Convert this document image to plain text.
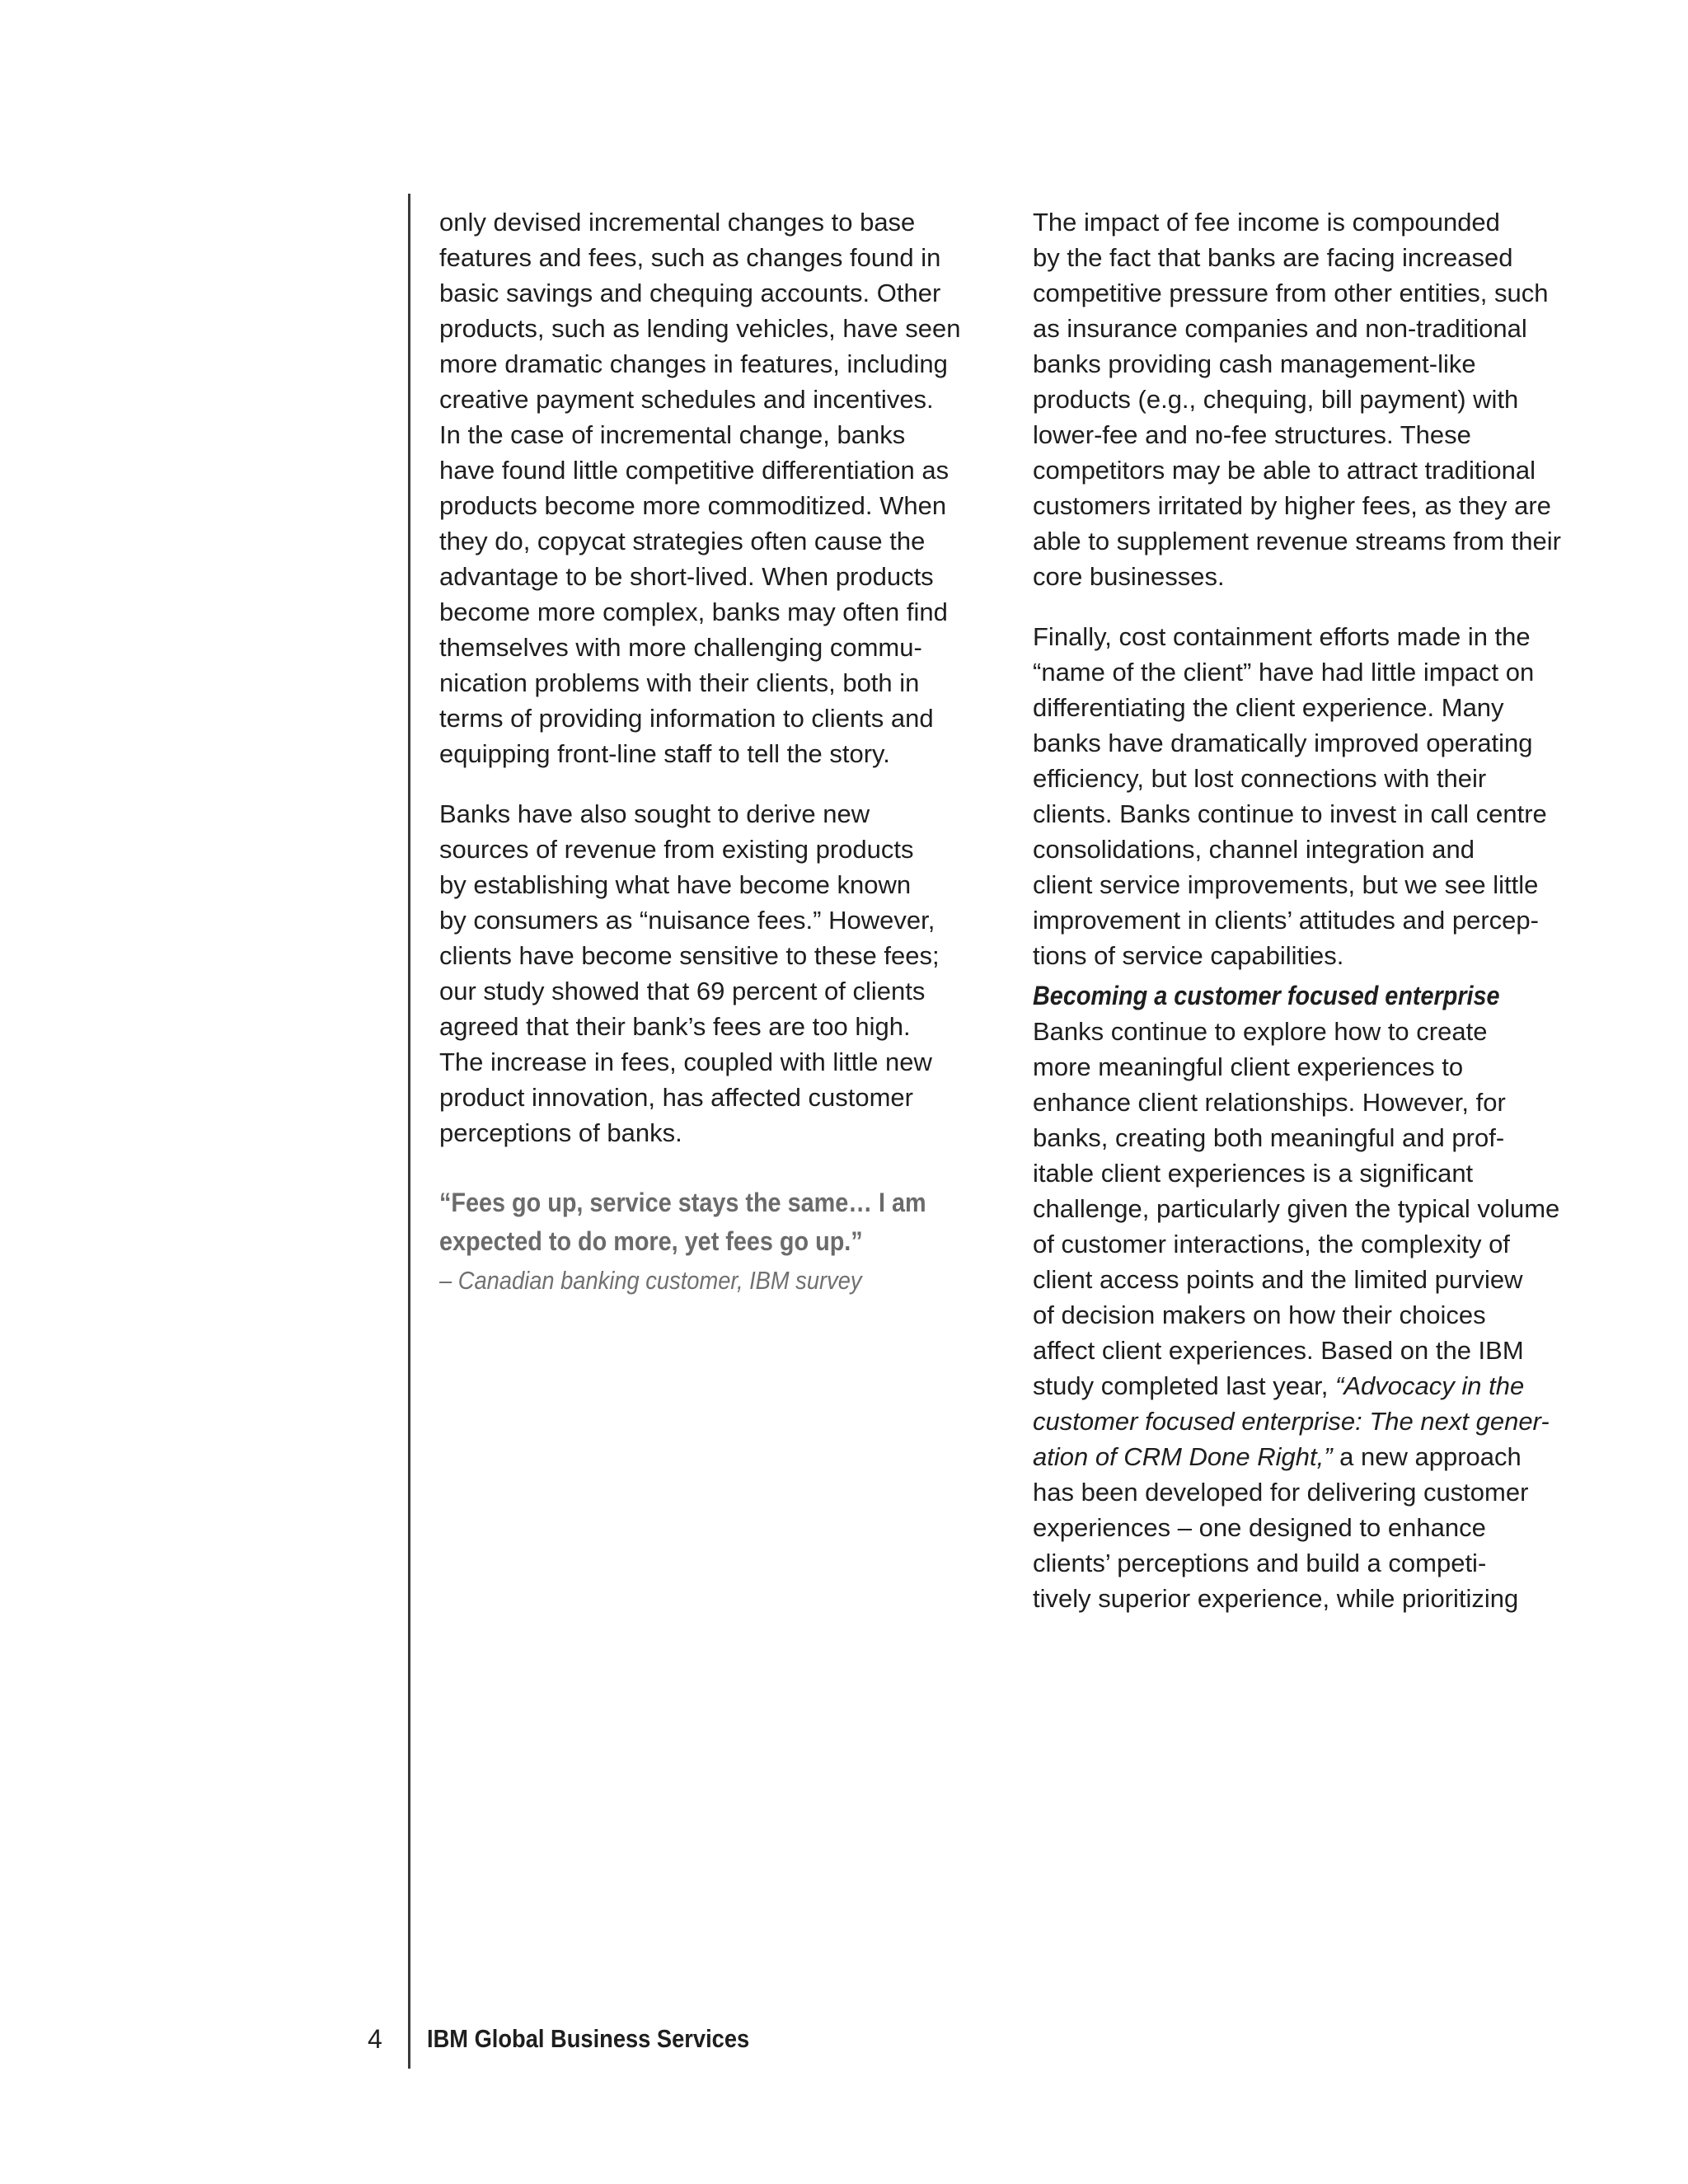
only devised incremental changes to base
features and fees, such as changes found in
basic savings and chequing accounts. Other
products, such as lending vehicles, have seen
more dramatic changes in features, including
creative payment schedules and incentives.
In the case of incremental change, banks
have found little competitive differentiation as
products become more commoditized. When
they do, copycat strategies often cause the
advantage to be short-lived. When products
become more complex, banks may often find
themselves with more challenging commu-
nication problems with their clients, both in
terms of providing information to clients and
equipping front-line staff to tell the story.

Banks have also sought to derive new
sources of revenue from existing products
by establishing what have become known
by consumers as “nuisance fees.” However,
clients have become sensitive to these fees;
our study showed that 69 percent of clients
agreed that their bank’s fees are too high.
The increase in fees, coupled with little new
product innovation, has affected customer
perceptions of banks.

“Fees go up, service stays the same… I am
expected to do more, yet fees go up.”
– Canadian banking customer, IBM survey

The impact of fee income is compounded
by the fact that banks are facing increased
competitive pressure from other entities, such
as insurance companies and non-traditional
banks providing cash management-like
products (e.g., chequing, bill payment) with
lower-fee and no-fee structures. These
competitors may be able to attract traditional
customers irritated by higher fees, as they are
able to supplement revenue streams from their
core businesses.

Finally, cost containment efforts made in the
“name of the client” have had little impact on
differentiating the client experience. Many
banks have dramatically improved operating
efficiency, but lost connections with their
clients. Banks continue to invest in call centre
consolidations, channel integration and
client service improvements, but we see little
improvement in clients’ attitudes and percep-
tions of service capabilities.

Becoming a customer focused enterprise

Banks continue to explore how to create
more meaningful client experiences to
enhance client relationships. However, for
banks, creating both meaningful and prof-
itable client experiences is a significant
challenge, particularly given the typical volume
of customer interactions, the complexity of
client access points and the limited purview
of decision makers on how their choices
affect client experiences. Based on the IBM
study completed last year, “Advocacy in the
customer focused enterprise: The next gener-
ation of CRM Done Right,” a new approach
has been developed for delivering customer
experiences – one designed to enhance
clients’ perceptions and build a competi-
tively superior experience, while prioritizing

4 IBM Global Business Services
